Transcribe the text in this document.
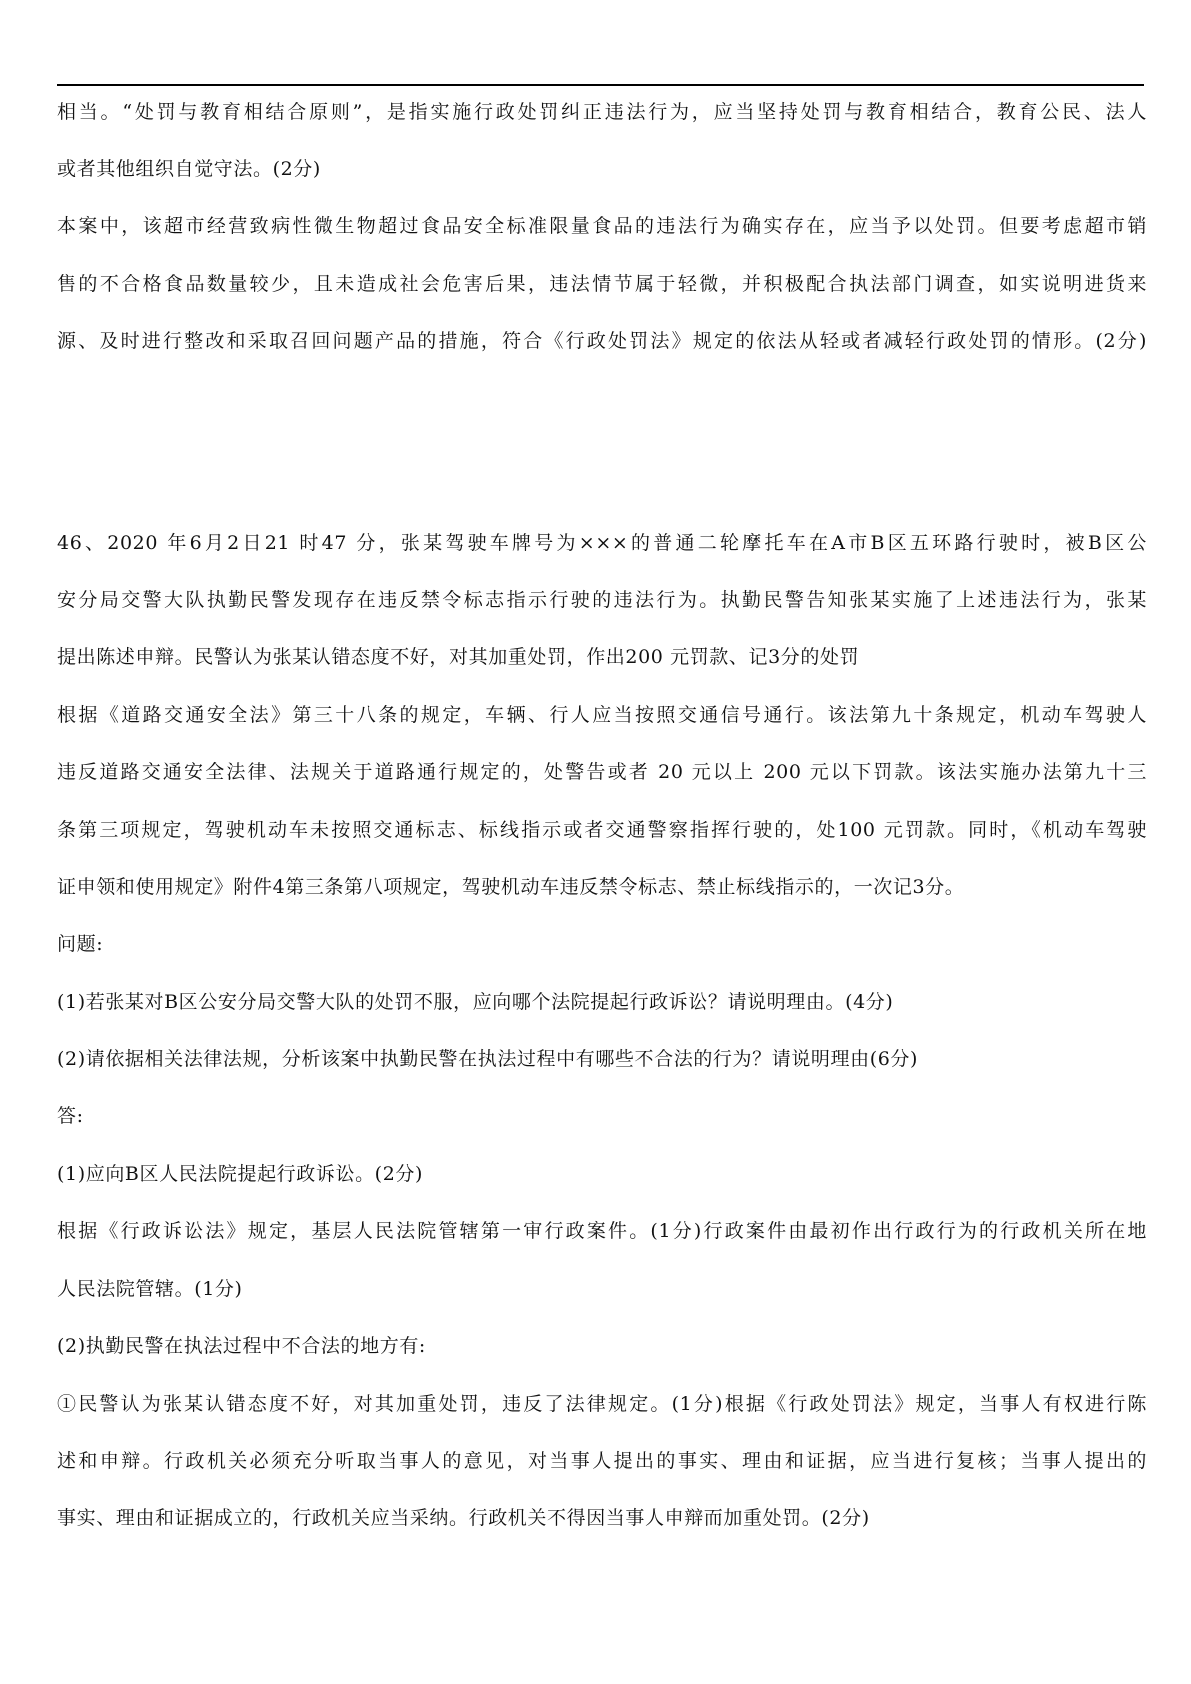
相当。“处罚与教育相结合原则”，是指实施行政处罚纠正违法行为，应当坚持处罚与教育相结合，教育公民、法人
或者其他组织自觉守法。(2分)
本案中，该超市经营致病性微生物超过食品安全标准限量食品的违法行为确实存在，应当予以处罚。但要考虑超市销
售的不合格食品数量较少，且未造成社会危害后果，违法情节属于轻微，并积极配合执法部门调查，如实说明进货来
源、及时进行整改和采取召回问题产品的措施，符合《行政处罚法》规定的依法从轻或者减轻行政处罚的情形。(2分)
46、2020 年6月2日21 时47 分，张某驾驶车牌号为×××的普通二轮摩托车在A市B区五环路行驶时，被B区公
安分局交警大队执勤民警发现存在违反禁令标志指示行驶的违法行为。执勤民警告知张某实施了上述违法行为，张某
提出陈述申辩。民警认为张某认错态度不好，对其加重处罚，作出200 元罚款、记3分的处罚
根据《道路交通安全法》第三十八条的规定，车辆、行人应当按照交通信号通行。该法第九十条规定，机动车驾驶人
违反道路交通安全法律、法规关于道路通行规定的，处警告或者 20 元以上 200 元以下罚款。该法实施办法第九十三
条第三项规定，驾驶机动车未按照交通标志、标线指示或者交通警察指挥行驶的，处100 元罚款。同时，《机动车驾驶
证申领和使用规定》附件4第三条第八项规定，驾驶机动车违反禁令标志、禁止标线指示的，一次记3分。
问题:
(1)若张某对B区公安分局交警大队的处罚不服，应向哪个法院提起行政诉讼？请说明理由。(4分)
(2)请依据相关法律法规，分析该案中执勤民警在执法过程中有哪些不合法的行为？请说明理由(6分)
答:
(1)应向B区人民法院提起行政诉讼。(2分)
根据《行政诉讼法》规定，基层人民法院管辖第一审行政案件。(1分)行政案件由最初作出行政行为的行政机关所在地
人民法院管辖。(1分)
(2)执勤民警在执法过程中不合法的地方有:
①民警认为张某认错态度不好，对其加重处罚，违反了法律规定。(1分)根据《行政处罚法》规定，当事人有权进行陈
述和申辩。行政机关必须充分听取当事人的意见，对当事人提出的事实、理由和证据，应当进行复核；当事人提出的
事实、理由和证据成立的，行政机关应当采纳。行政机关不得因当事人申辩而加重处罚。(2分)
